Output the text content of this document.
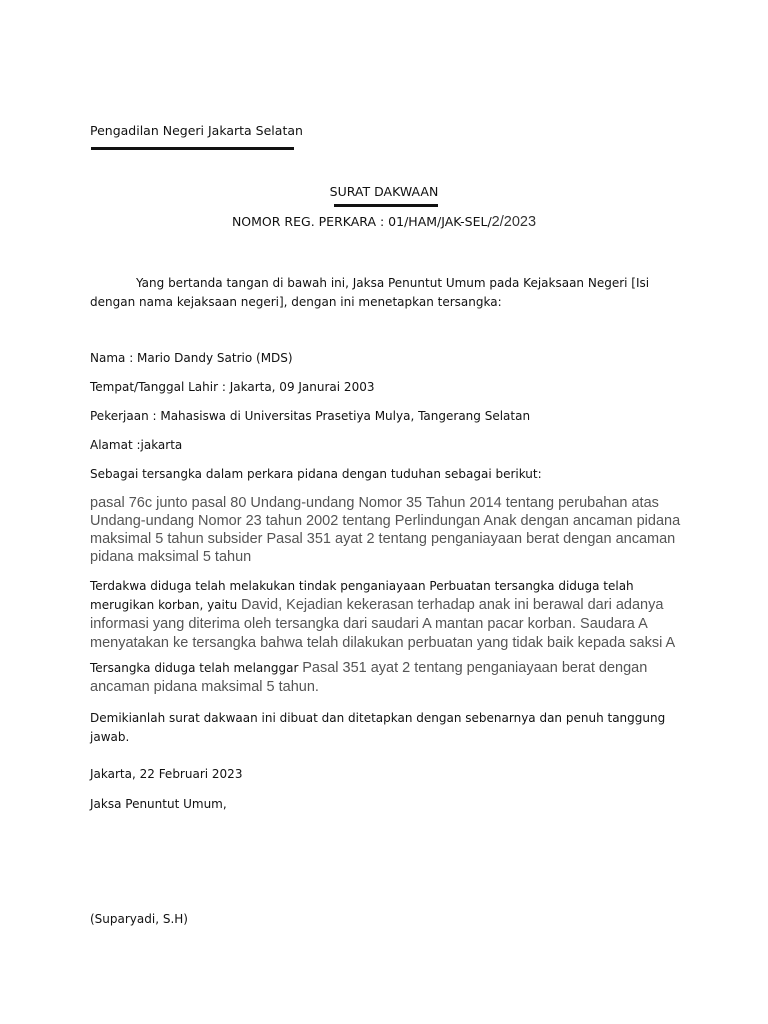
Pengadilan Negeri Jakarta Selatan
SURAT DAKWAAN
NOMOR REG. PERKARA : 01/HAM/JAK-SEL/2/2023
Yang bertanda tangan di bawah ini, Jaksa Penuntut Umum pada Kejaksaan Negeri [Isi dengan nama kejaksaan negeri], dengan ini menetapkan tersangka:
Nama : Mario Dandy Satrio (MDS)
Tempat/Tanggal Lahir : Jakarta, 09 Janurai 2003
Pekerjaan : Mahasiswa di Universitas Prasetiya Mulya, Tangerang Selatan
Alamat :jakarta
Sebagai tersangka dalam perkara pidana dengan tuduhan sebagai berikut:
pasal 76c junto pasal 80 Undang-undang Nomor 35 Tahun 2014 tentang perubahan atas Undang-undang Nomor 23 tahun 2002 tentang Perlindungan Anak dengan ancaman pidana maksimal 5 tahun subsider Pasal 351 ayat 2 tentang penganiayaan berat dengan ancaman pidana maksimal 5 tahun
Terdakwa diduga telah melakukan tindak penganiayaan Perbuatan tersangka diduga telah merugikan korban, yaitu David, Kejadian kekerasan terhadap anak ini berawal dari adanya informasi yang diterima oleh tersangka dari saudari A mantan pacar korban. Saudara A menyatakan ke tersangka bahwa telah dilakukan perbuatan yang tidak baik kepada saksi A
Tersangka diduga telah melanggar Pasal 351 ayat 2 tentang penganiayaan berat dengan ancaman pidana maksimal 5 tahun.
Demikianlah surat dakwaan ini dibuat dan ditetapkan dengan sebenarnya dan penuh tanggung jawab.
Jakarta, 22 Februari 2023
Jaksa Penuntut Umum,
(Suparyadi, S.H)
